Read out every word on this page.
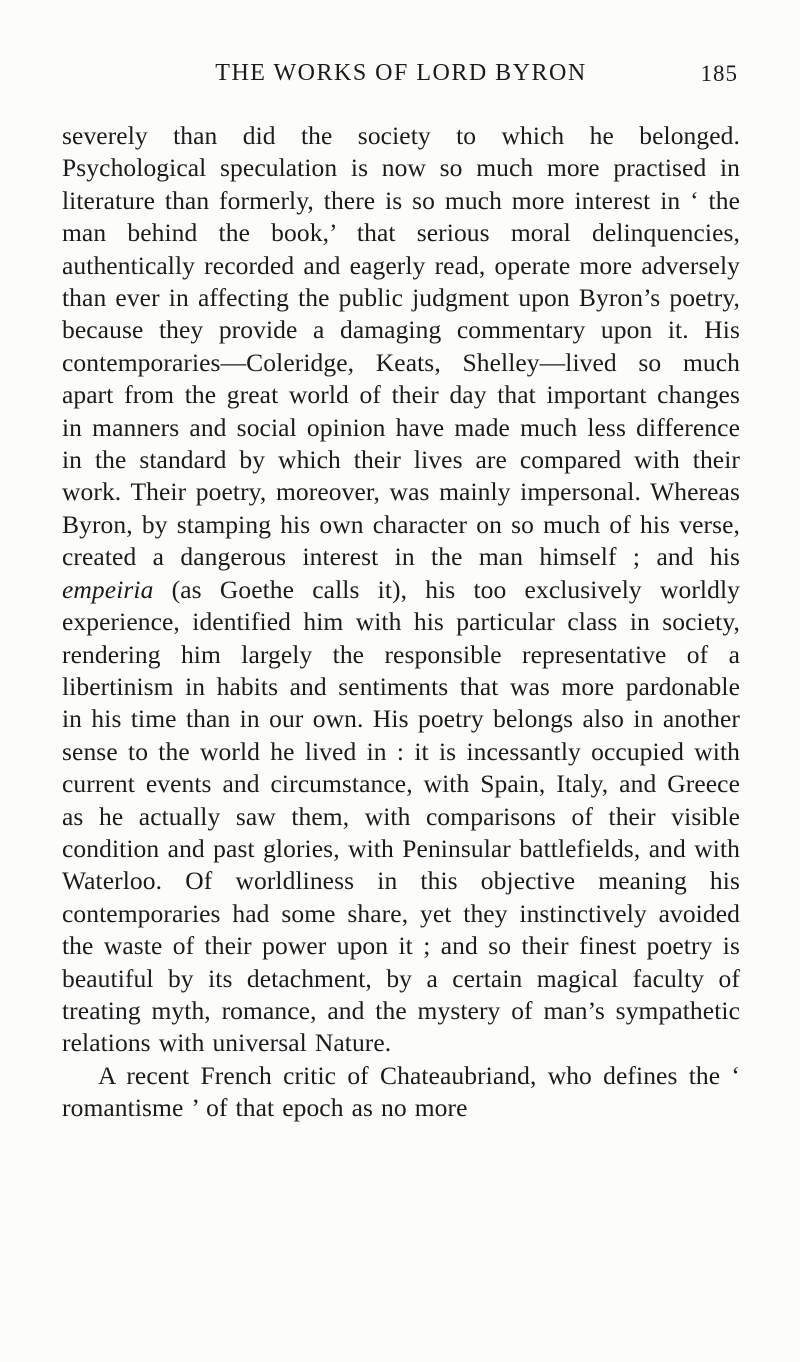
THE WORKS OF LORD BYRON	185

severely than did the society to which he belonged. Psychological speculation is now so much more practised in literature than formerly, there is so much more interest in ‘ the man behind the book,’ that serious moral delinquencies, authentically recorded and eagerly read, operate more adversely than ever in affecting the public judgment upon Byron’s poetry, because they provide a damaging commentary upon it. His contemporaries—Coleridge, Keats, Shelley—lived so much apart from the great world of their day that important changes in manners and social opinion have made much less difference in the standard by which their lives are compared with their work. Their poetry, moreover, was mainly impersonal. Whereas Byron, by stamping his own character on so much of his verse, created a dangerous interest in the man himself ; and his empeiria (as Goethe calls it), his too exclusively worldly experience, identified him with his particular class in society, rendering him largely the responsible representative of a libertinism in habits and sentiments that was more pardonable in his time than in our own. His poetry belongs also in another sense to the world he lived in : it is incessantly occupied with current events and circumstance, with Spain, Italy, and Greece as he actually saw them, with comparisons of their visible condition and past glories, with Peninsular battlefields, and with Waterloo. Of worldliness in this objective meaning his contemporaries had some share, yet they instinctively avoided the waste of their power upon it ; and so their finest poetry is beautiful by its detachment, by a certain magical faculty of treating myth, romance, and the mystery of man’s sympathetic relations with universal Nature.

A recent French critic of Chateaubriand, who defines the ‘ romantisme ’ of that epoch as no more
